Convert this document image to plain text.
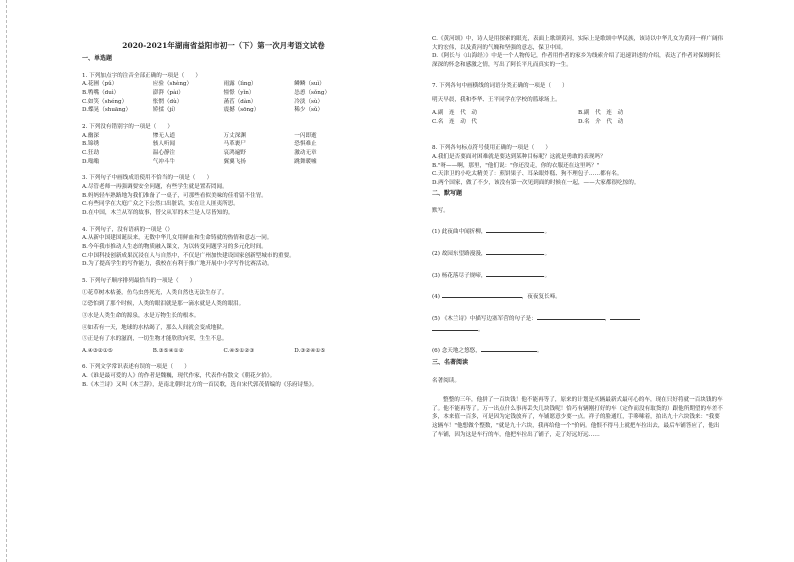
2020-2021年湖南省益阳市初一（下）第一次月考语文试卷
一、单选题
1. 下列加点字的注音全部正确的一项是（　　）
A.花圃（pǔ）	应验（shèng）	雨露（lìng）	鳞鳞（suì）
B.鸭嘴（duì）	澎湃（pài）	憧憬（yǐn）	怂恿（sǒng）
C.如笑（shéng）	怅惘（dù）	菡萏（dàn）	冷淡（sù）
D.蝶晃（shuāng）	矫揉（jí）	震撼（sōng）	稀少（sǔ）
2. 下列没有错别字的一项是（　　）
A.幽深	惨无人道	万丈深渊	一闪即逝
B.锦绣	骇人听闻	马革裹尸	恐惧难止
C.狂劫	温心静注	哀鸿遍野	激动无章
D.嗡嗡	气冲斗牛	翼翼飞扬	跳舞暖嘘
3. 下列句子中画线成语使用不恰当的一项是（　　）
A.尽管老师一再强调要安全问题，有些学生就是置若罔闻。
B.妈妈轻车熟路地为我们准备了一桌子，可那些看似美味的佳肴留不住胃。
C.有些同学在大庭广众之下公然口出脏话，实在让人匪夷所思。
D.在中国，木兰从军的故事，替父从军的木兰是人尽皆知的。
4. 下列句子，没有语病的一项是（）
A.从新中国建国诞辰来，无数中华儿女用鲜血和生命铸就的热情和意志一同。
B.今年我市推动人生态的物质融入课文，为以转变问题学习的多元化时间。
C.中国科技创新成果沉浸在人与自然中，不仅是广州加快建设国家创新型城市的重要。
D.为了提高学生的写作能力，我校在有利于推广地开展中小学写作比赛活动。
5. 下列句子顺序排列最恰当的一项是（　　）
①花草树木枯萎，鱼鸟虫兽死光，人类自然也无法生存了。
②恐怕到了那个时候，人类的眼泪就是那一滴水就是人类的眼泪。
③水是人类生命的源泉，水是万物生长的根本。
④如若有一天，地球的水枯竭了，那么人间就会变成地狱。
⑤正是有了水的滋润，一切生物才能欣欣向荣，生生不息。
A.④③②①⑤	B.③⑤④①②	C.④⑤①②③	D.③②④①⑤
6. 下列文学常识表述有误的一项是（　　）
A.《谁是最可爱的人》的作者是魏巍，现代作家，代表作有散文《朝花夕拾》。
B.《木兰诗》又叫《木兰辞》，是南北朝时北方的一首民歌，选自宋代郭茂倩编的《乐府诗集》。
C.《黄河颂》中，诗人是用探索的眼光，表面上歌颂黄河，实际上是歌颂中华民族，该诗以中华儿女为黄河一样广阔伟大的宏伟，以及黄河的气魄和坚强的意志，保卫中国。
D.《阿长与〈山海经〉》中是一个人物传记，作者用作者的家乡为线索介绍了迅速讲述的介绍，表达了作者对保姆阿长深深的怀念和感激之情，写出了阿长平凡而真实的一生。
7. 下列各句中画横线的词语分类正确的一项是（　　）
明天早晨，我和李华、王平同学在学校的篮球场上。
A.副　连　代　动	B.副　代　连　动
C.名　连　动　代	D.名　介　代　动
8. 下列各句标点符号使用正确的一项是（　　）
A.我们是否要面对困难就是要达到某种目标呢？这就是勇敢的表现吗？
B."呀——啊，那里，"他们说："你还没走，你的衣服还在这里吗？"
C.天津卫的小吃太精美了：煎饼果子、耳朵眼炸糕、狗不理包子……都有名。
D.两个国家，做了不少，该没有第一次见到面的时候在一起，——大家都很吃惊的。
二、默写题
默写。
(1) 此夜曲中闻折柳，	。
(2) 故园东望路漫漫，	。
(3) 杨花落尽子规啼，	。
(4)	，夜夜复长啼。
(5) 《木兰诗》中描写边塞军营的句子是：	，
。
(6) 念天地之悠悠，	。
三、名著阅读
名著阅读。
整整的三年，他拼了一百块钱！他不能再等了，原来的计划是买辆最新式最可心的车，现在只好将就一百块钱的车了。他不能再等了。万一出点什么事再丢失几块钱呢！恰巧有辆刚打好的车（定作而没有取货的）跟他所期望的车差不多，本来值一百多，可是因为定钱放弃了，车铺愿意少要一点。祥子的脸通红，手哆嗦着，拍出九十六块钱来："我要这辆车！"他想做个整数，"就是九十六块，我再给他一个"价码。他恨不得马上就把车拉出去，最后车铺答应了，他出了车铺，因为这是车行的车，他把车拉出了铺子，走了好远好远……
